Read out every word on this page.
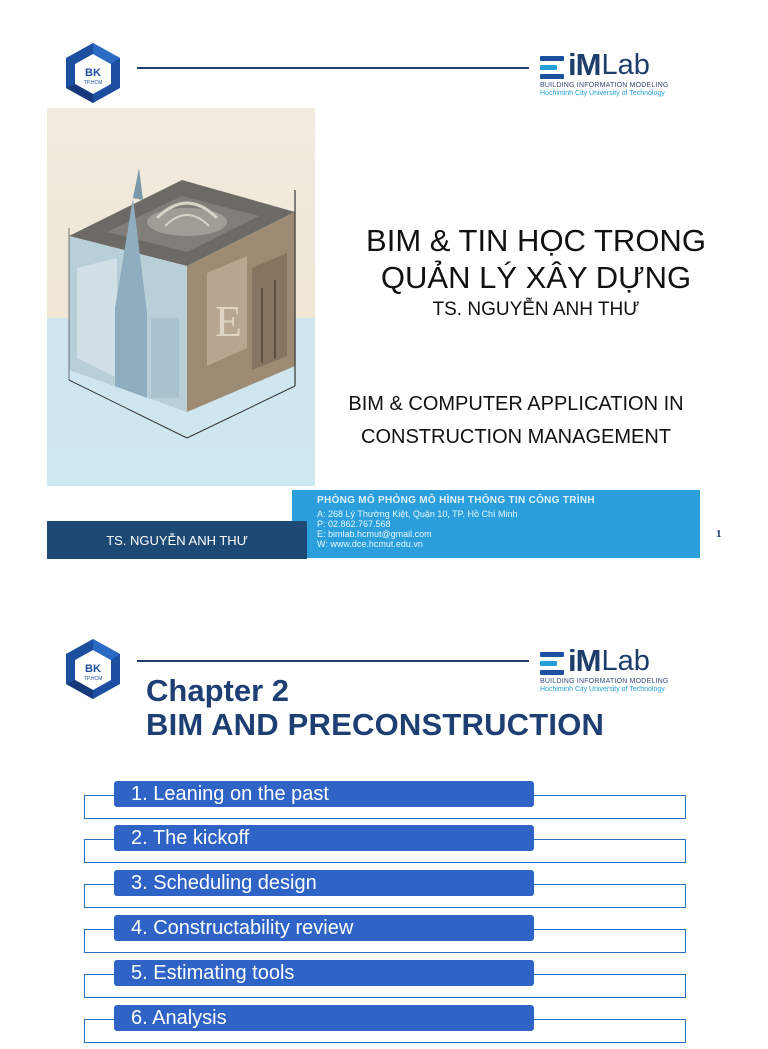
BK
TP.HCM
iM Lab
BUILDING INFORMATION MODELING
Hochiminh City University of Technology
E
BIM & TIN HỌC TRONG
QUẢN LÝ XÂY DỰNG
TS. NGUYỄN ANH THƯ
BIM & COMPUTER APPLICATION IN
CONSTRUCTION MANAGEMENT
PHÒNG MÔ PHỎNG MÔ HÌNH THÔNG TIN CÔNG TRÌNH
A: 268 Lý Thường Kiệt, Quận 10, TP. Hồ Chí Minh
P: 02.862.767.568
E: bimlab.hcmut@gmail.com
W: www.dce.hcmut.edu.vn
TS. NGUYỄN ANH THƯ	1
BK
TP.HCM
iM Lab
BUILDING INFORMATION MODELING
Hochiminh City University of Technology
Chapter 2
BIM AND PRECONSTRUCTION
1. Leaning on the past
2. The kickoff
3. Scheduling design
4. Constructability review
5. Estimating tools
6. Analysis
